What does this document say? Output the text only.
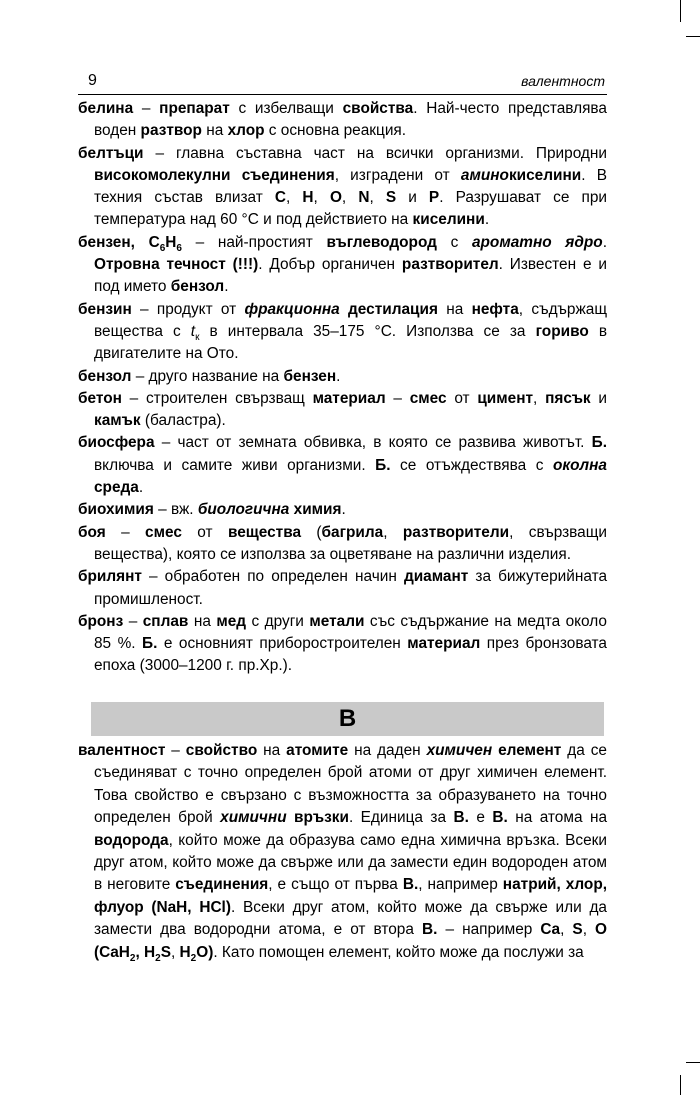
9	валентност

белина – препарат с избелващи свойства. Най-често представлява воден разтвор на хлор с основна реакция.

белтъци – главна съставна част на всички организми. Природни високомолекулни съединения, изградени от аминокиселини. В техния състав влизат C, H, O, N, S и P. Разрушават се при температура над 60 °C и под действието на киселини.

бензен, $C_6H_6$ – най-простият въглеводород с ароматно ядро. Отровна течност (!!!). Добър органичен разтворител. Известен е и под името бензол.

бензин – продукт от фракционна дестилация на нефта, съдържащ вещества с $t_к$ в интервала 35–175 °C. Използва се за гориво в двигателите на Ото.

бензол – друго название на бензен.

бетон – строителен свързващ материал – смес от цимент, пясък и камък (баластра).

биосфера – част от земната обвивка, в която се развива животът. Б. включва и самите живи организми. Б. се отъждествява с околна среда.

биохимия – вж. биологична химия.

боя – смес от вещества (багрила, разтворители, свързващи вещества), която се използва за оцветяване на различни изделия.

брилянт – обработен по определен начин диамант за бижутерийната промишленост.

бронз – сплав на мед с други метали със съдържание на медта около 85 %. Б. е основният приборостроителен материал през бронзовата епоха (3000–1200 г. пр.Хр.).

В

валентност – свойство на атомите на даден химичен елемент да се съединяват с точно определен брой атоми от друг химичен елемент. Това свойство е свързано с възможността за образуването на точно определен брой химични връзки. Единица за В. е В. на атома на водорода, който може да образува само една химична връзка. Всеки друг атом, който може да свърже или да замести един водороден атом в неговите съединения, е също от първа В., например натрий, хлор, флуор (NaH, HCl). Всеки друг атом, който може да свърже или да замести два водородни атома, е от втора В. – например Ca, S, O (CaH$_2$, $H_2S$, $H_2O$). Като помощен елемент, който може да послужи за
